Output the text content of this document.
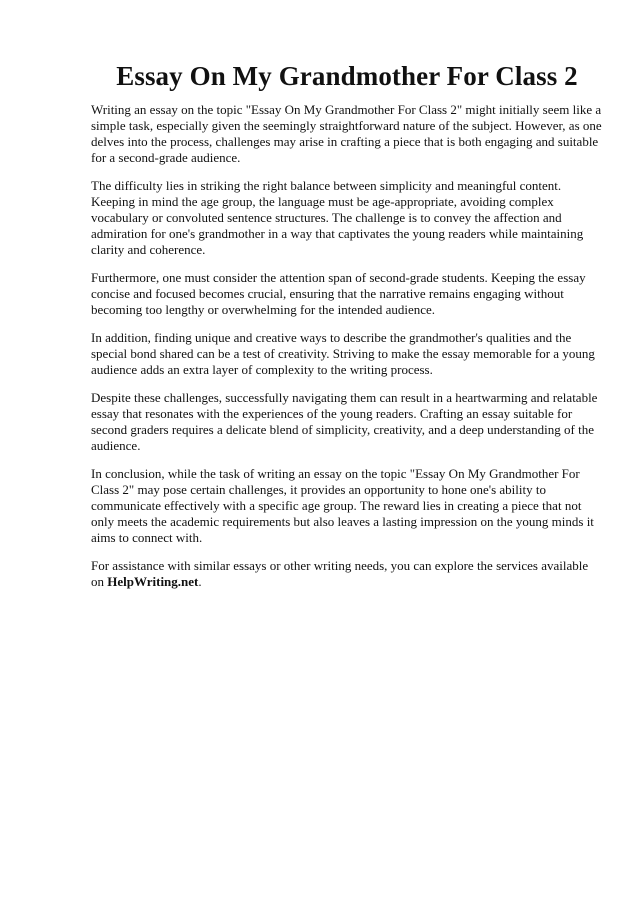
Essay On My Grandmother For Class 2

Writing an essay on the topic "Essay On My Grandmother For Class 2" might initially seem like a simple task, especially given the seemingly straightforward nature of the subject. However, as one delves into the process, challenges may arise in crafting a piece that is both engaging and suitable for a second-grade audience.

The difficulty lies in striking the right balance between simplicity and meaningful content. Keeping in mind the age group, the language must be age-appropriate, avoiding complex vocabulary or convoluted sentence structures. The challenge is to convey the affection and admiration for one's grandmother in a way that captivates the young readers while maintaining clarity and coherence.

Furthermore, one must consider the attention span of second-grade students. Keeping the essay concise and focused becomes crucial, ensuring that the narrative remains engaging without becoming too lengthy or overwhelming for the intended audience.

In addition, finding unique and creative ways to describe the grandmother's qualities and the special bond shared can be a test of creativity. Striving to make the essay memorable for a young audience adds an extra layer of complexity to the writing process.

Despite these challenges, successfully navigating them can result in a heartwarming and relatable essay that resonates with the experiences of the young readers. Crafting an essay suitable for second graders requires a delicate blend of simplicity, creativity, and a deep understanding of the audience.

In conclusion, while the task of writing an essay on the topic "Essay On My Grandmother For Class 2" may pose certain challenges, it provides an opportunity to hone one's ability to communicate effectively with a specific age group. The reward lies in creating a piece that not only meets the academic requirements but also leaves a lasting impression on the young minds it aims to connect with.

For assistance with similar essays or other writing needs, you can explore the services available on HelpWriting.net.
